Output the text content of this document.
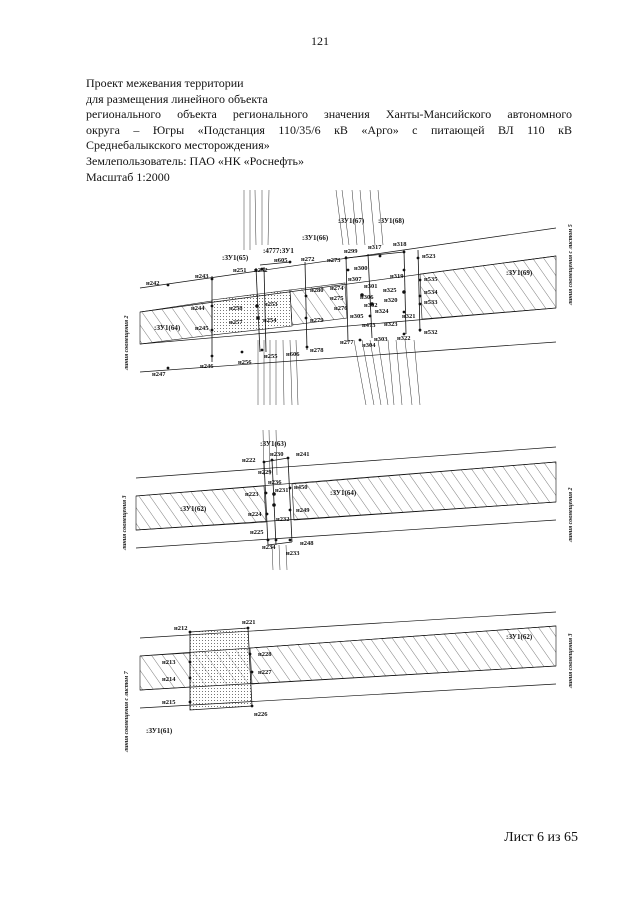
121
Проект межевания территории
для размещения линейного объекта
регионального объекта регионального значения Ханты-Мансийского автономного
округа – Югры «Подстанция 110/35/6 кВ «Арго» с питающей ВЛ 110 кВ
Среднебалыкского месторождения»
Землепользователь: ПАО «НК «Роснефть»
Масштаб 1:2000
линия совмещения 2
линия совмещения с листом 5
:ЗУ1(64)
:ЗУ1(65)
:4777:ЗУ1
:ЗУ1(66)
:ЗУ1(67) :ЗУ1(68)
:ЗУ1(69)
н242
н243
н244
н245
н246
н247
н251 н252
н253
н254
н255
н256
н257
н258
н272 н273
н274
н275
н276
н277
н278
н279
н280
н299
н300
н301
н302
н303
н304
н305
н306
н307
н317 н318
н319
н320
н321
н322
н323
н324
н325
н473
н523
н532
н533
н534
н535
н605
н606
линия совмещения 3	линия совмещения 2
:ЗУ1(62)
:ЗУ1(63)
:ЗУ1(64)
н222
н223
н224
н225
н229
н230
н231
н232
н233
н234
н236
н241
н248
н249
н450
линия совмещения с листом 7
линия совмещения 3
:ЗУ1(61)
:ЗУ1(62)
н212
н213
н214
н215
н221
н226
н227
н228
Лист 6 из 65
